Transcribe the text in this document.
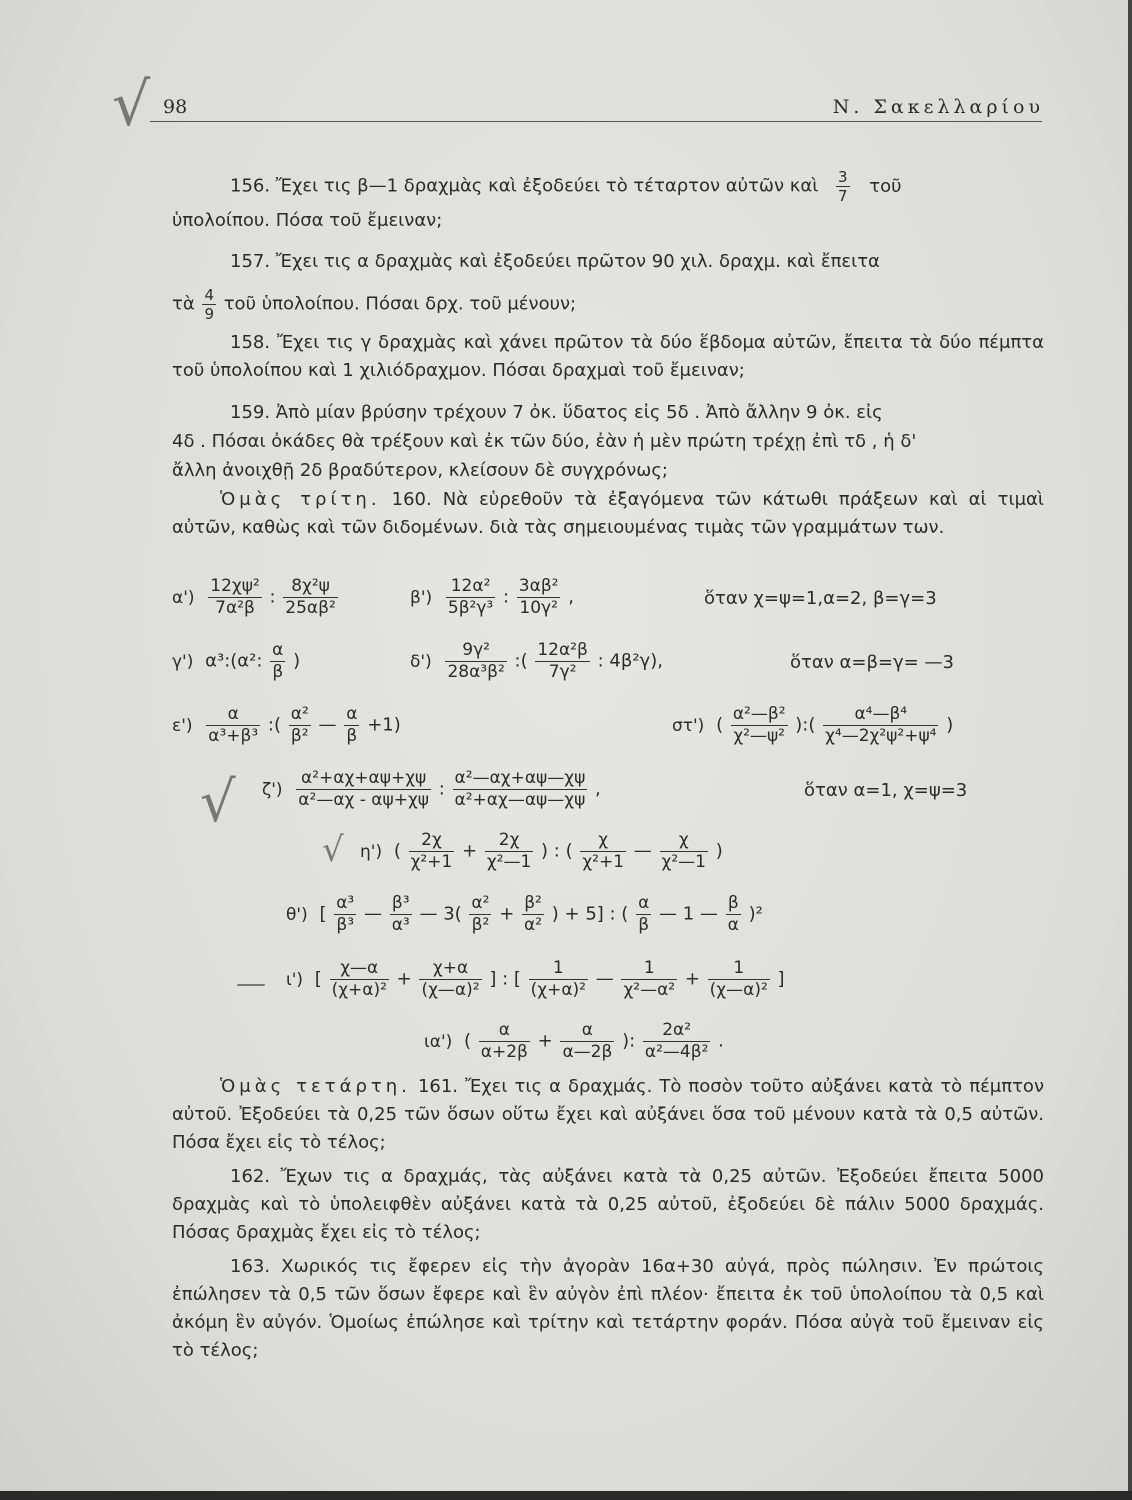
√
√
√
—
98	Ν. Σακελλαρίου
156. Ἔχει τις β—1 δραχμὰς καὶ ἐξοδεύει τὸ τέταρτον αὐτῶν καὶ $\frac{3}{7}$ τοῦ
ὑπολοίπου. Πόσα τοῦ ἔμειναν;
157. Ἔχει τις α δραχμὰς καὶ ἐξοδεύει πρῶτον 90 χιλ. δραχμ. καὶ ἔπειτα
τὰ $\frac{4}{9}$ τοῦ ὑπολοίπου. Πόσαι δρχ. τοῦ μένουν;
158. Ἔχει τις γ δραχμὰς καὶ χάνει πρῶτον τὰ δύο ἕβδομα αὐτῶν, ἔπειτα τὰ δύο πέμπτα τοῦ ὑπολοίπου καὶ 1 χιλιόδραχμον. Πόσαι δραχμαὶ τοῦ ἔμειναν;
159. Ἀπὸ μίαν βρύσην τρέχουν 7 ὀκ. ὕδατος εἰς 5δ . Ἀπὸ ἄλλην 9 ὀκ. εἰς
4δ . Πόσαι ὀκάδες θὰ τρέξουν καὶ ἐκ τῶν δύο, ἐὰν ἡ μὲν πρώτη τρέχῃ ἐπὶ τδ , ἡ δ'
ἄλλη ἀνοιχθῇ 2δ βραδύτερον, κλείσουν δὲ συγχρόνως;
Ὁμὰς τρίτη. 160. Νὰ εὑρεθοῦν τὰ ἐξαγόμενα τῶν κάτωθι πράξεων καὶ αἱ τιμαὶ αὐτῶν, καθὼς καὶ τῶν διδομένων. διὰ τὰς σημειουμένας τιμὰς τῶν γραμμάτων των.
$\alpha') \frac{\text{12χψ²}}{\text{7α²β}}$ : $\frac{\text{8χ²ψ}}{\text{25αβ²}}$	$\beta') \frac{\text{12α²}}{\text{5β²γ³}}$ : $\frac{\text{3αβ²}}{\text{10γ²}}$ ,	ὅταν χ=ψ=1,α=2, β=γ=3
γ') α³:(α²: $\frac{\alpha}{\beta}$ )	$\delta') \frac{\text{9γ²}}{\text{28α³β²}}$ :( $\frac{\text{12α²β}}{\text{7γ²}}$ : 4β²γ),	ὅταν α=β=γ= —3
$\varepsilon') \frac{\alpha}{\text{α³+β³}}$ :( $\frac{\text{α²}}{\text{β²}}$ — $\frac{\alpha}{\beta} +1$)	στ') ( $\frac{\text{α²—β²}}{\text{χ²—ψ²}}$ ):( $\frac{\text{α⁴—β⁴}}{\text{χ⁴—2χ²ψ²+ψ⁴}}$ )
$\zeta') \frac{\text{α²+αχ+αψ+χψ}}{\text{α²—αχ - αψ+χψ}}$ : $\frac{\text{α²—αχ+αψ—χψ}}{\text{α²+αχ—αψ—χψ}}$ ,	ὅταν α=1, χ=ψ=3
η') ( $\frac{2\chi}{\text{χ²+1}} + \frac{2\chi}{\text{χ²—1}}$ ) : ( $\frac{\chi}{\text{χ²+1}}$ — $\frac{\chi}{\text{χ²—1}}$ )
θ') [ $\frac{\text{α³}}{\text{β³}}$ — $\frac{\text{β³}}{\text{α³}}$ — $3( \frac{\text{α²}}{\text{β²}} + \frac{\text{β²}}{\text{α²}}$ ) + 5] : ( $\frac{\alpha}{\beta}$ — 1 — $\frac{\beta}{\alpha} )^2$
ι') [ $\frac{\chi—\alpha}{\text{(χ+α)²}} + \frac{\chi+\alpha}{\text{(χ—α)²}}$ ] : [ $\frac{1}{\text{(χ+α)²}}$ — $\frac{1}{\text{χ²—α²}} + \frac{1}{\text{(χ—α)²}}$ ]
ια') ( $\frac{\alpha}{\alpha+2\beta} + \frac{\alpha}{\alpha—2\beta}$ ): $\frac{\text{2α²}}{\text{α²—4β²}}$ .
Ὁμὰς τετάρτη. 161. Ἔχει τις α δραχμάς. Τὸ ποσὸν τοῦτο αὐξάνει κατὰ τὸ πέμπτον αὐτοῦ. Ἐξοδεύει τὰ 0,25 τῶν ὅσων οὕτω ἔχει καὶ αὐξάνει ὅσα τοῦ μένουν κατὰ τὰ 0,5 αὐτῶν. Πόσα ἔχει εἰς τὸ τέλος;
162. Ἔχων τις α δραχμάς, τὰς αὐξάνει κατὰ τὰ 0,25 αὐτῶν. Ἐξοδεύει ἔπειτα 5000 δραχμὰς καὶ τὸ ὑπολειφθὲν αὐξάνει κατὰ τὰ 0,25 αὐτοῦ, ἐξοδεύει δὲ πάλιν 5000 δραχμάς. Πόσας δραχμὰς ἔχει εἰς τὸ τέλος;
163. Χωρικός τις ἔφερεν εἰς τὴν ἀγορὰν 16α+30 αὐγά, πρὸς πώλησιν. Ἐν πρώτοις ἐπώλησεν τὰ 0,5 τῶν ὅσων ἔφερε καὶ ἓν αὐγὸν ἐπὶ πλέον· ἔπειτα ἐκ τοῦ ὑπολοίπου τὰ 0,5 καὶ ἀκόμη ἓν αὐγόν. Ὁμοίως ἐπώλησε καὶ τρίτην καὶ τετάρτην φοράν. Πόσα αὐγὰ τοῦ ἔμειναν εἰς τὸ τέλος;
